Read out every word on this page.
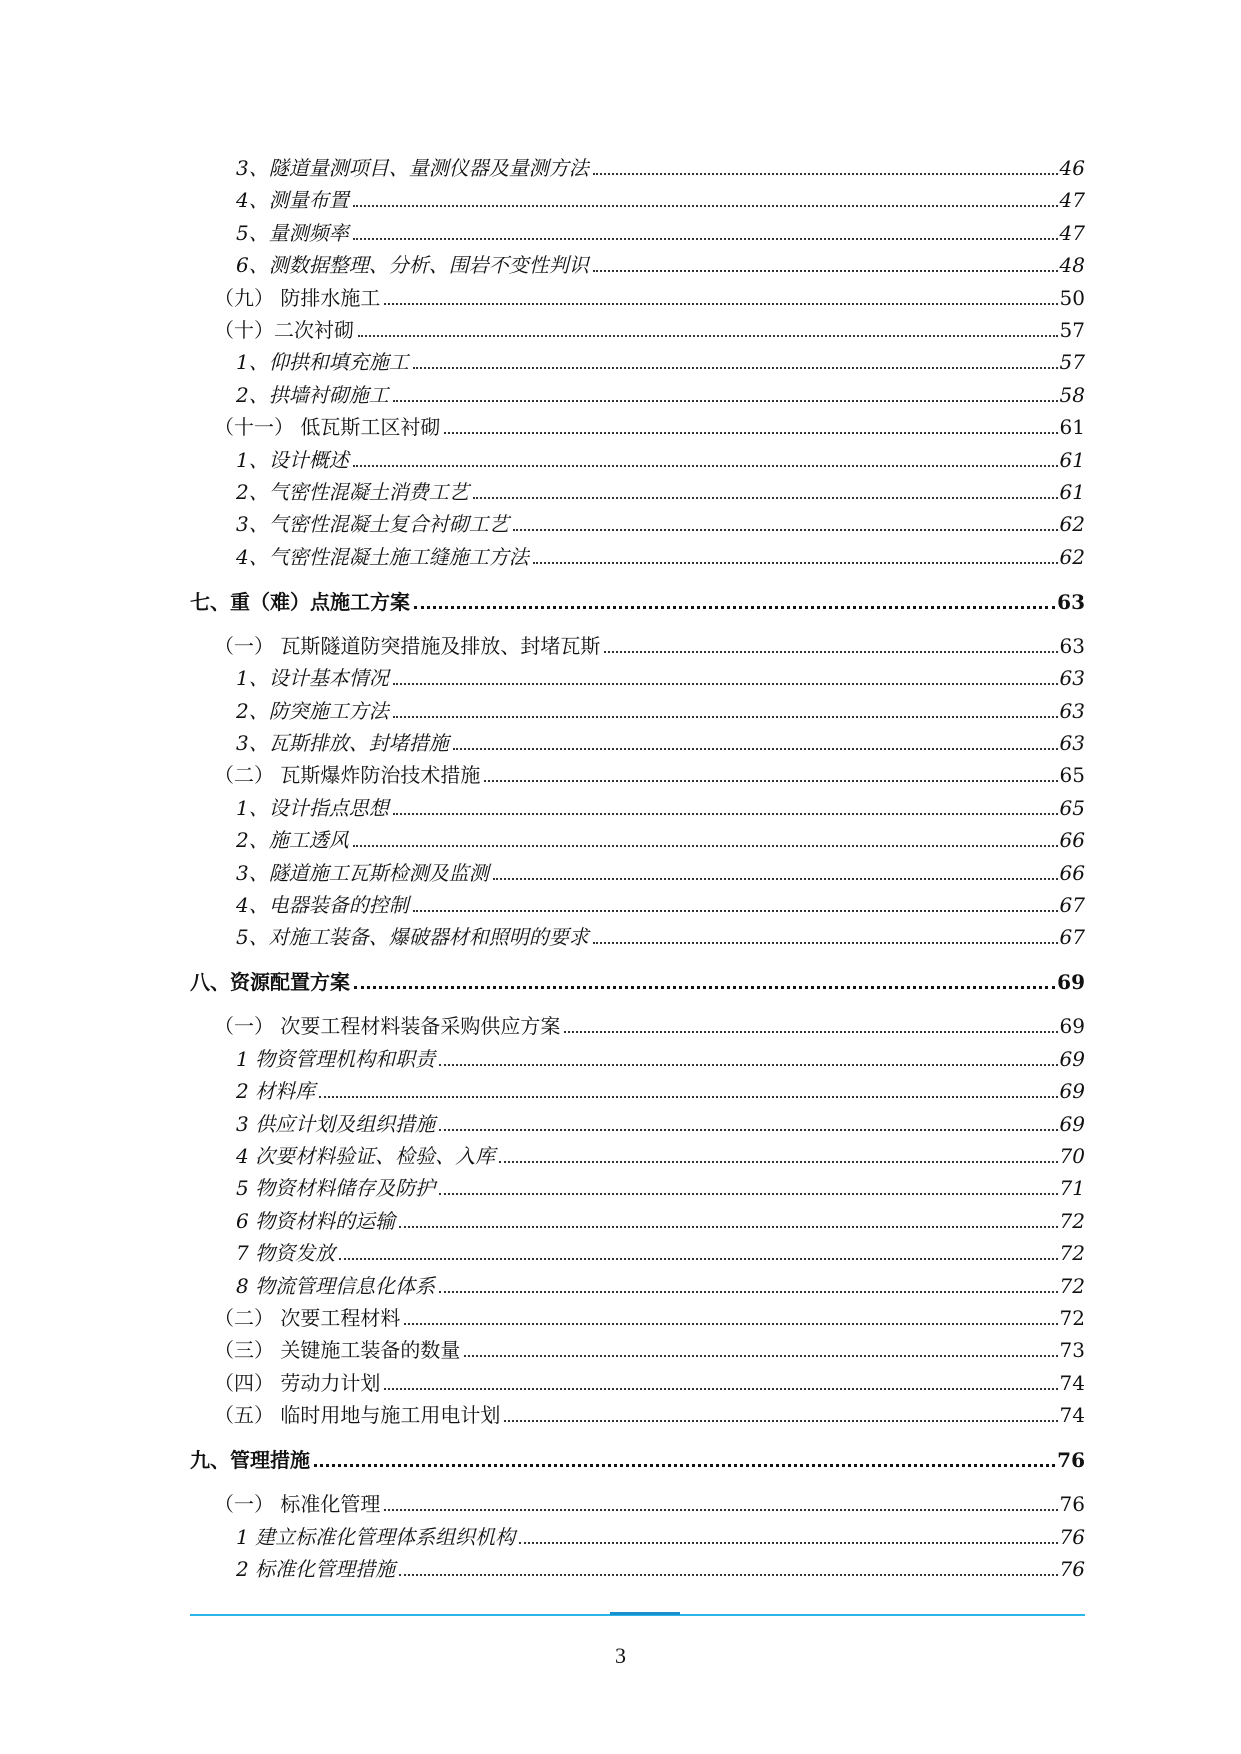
3、隧道量测项目、量测仪器及量测方法	46
4、测量布置	47
5、量测频率	47
6、测数据整理、分析、围岩不变性判识	48
（九） 防排水施工	50
（十）二次衬砌	57
1、仰拱和填充施工	57
2、拱墙衬砌施工	58
（十一） 低瓦斯工区衬砌	61
1、设计概述	61
2、气密性混凝土消费工艺	61
3、气密性混凝土复合衬砌工艺	62
4、气密性混凝土施工缝施工方法	62
七、重（难）点施工方案	63
（一） 瓦斯隧道防突措施及排放、封堵瓦斯	63
1、设计基本情况	63
2、防突施工方法	63
3、瓦斯排放、封堵措施	63
（二） 瓦斯爆炸防治技术措施	65
1、设计指点思想	65
2、施工透风	66
3、隧道施工瓦斯检测及监测	66
4、电器装备的控制	67
5、对施工装备、爆破器材和照明的要求	67
八、资源配置方案	69
（一） 次要工程材料装备采购供应方案	69
1 物资管理机构和职责	69
2 材料库	69
3 供应计划及组织措施	69
4 次要材料验证、检验、入库	70
5 物资材料储存及防护	71
6 物资材料的运输	72
7 物资发放	72
8 物流管理信息化体系	72
（二） 次要工程材料	72
（三） 关键施工装备的数量	73
（四） 劳动力计划	74
（五） 临时用地与施工用电计划	74
九、管理措施	76
（一） 标准化管理	76
1 建立标准化管理体系组织机构	76
2 标准化管理措施	76
3
